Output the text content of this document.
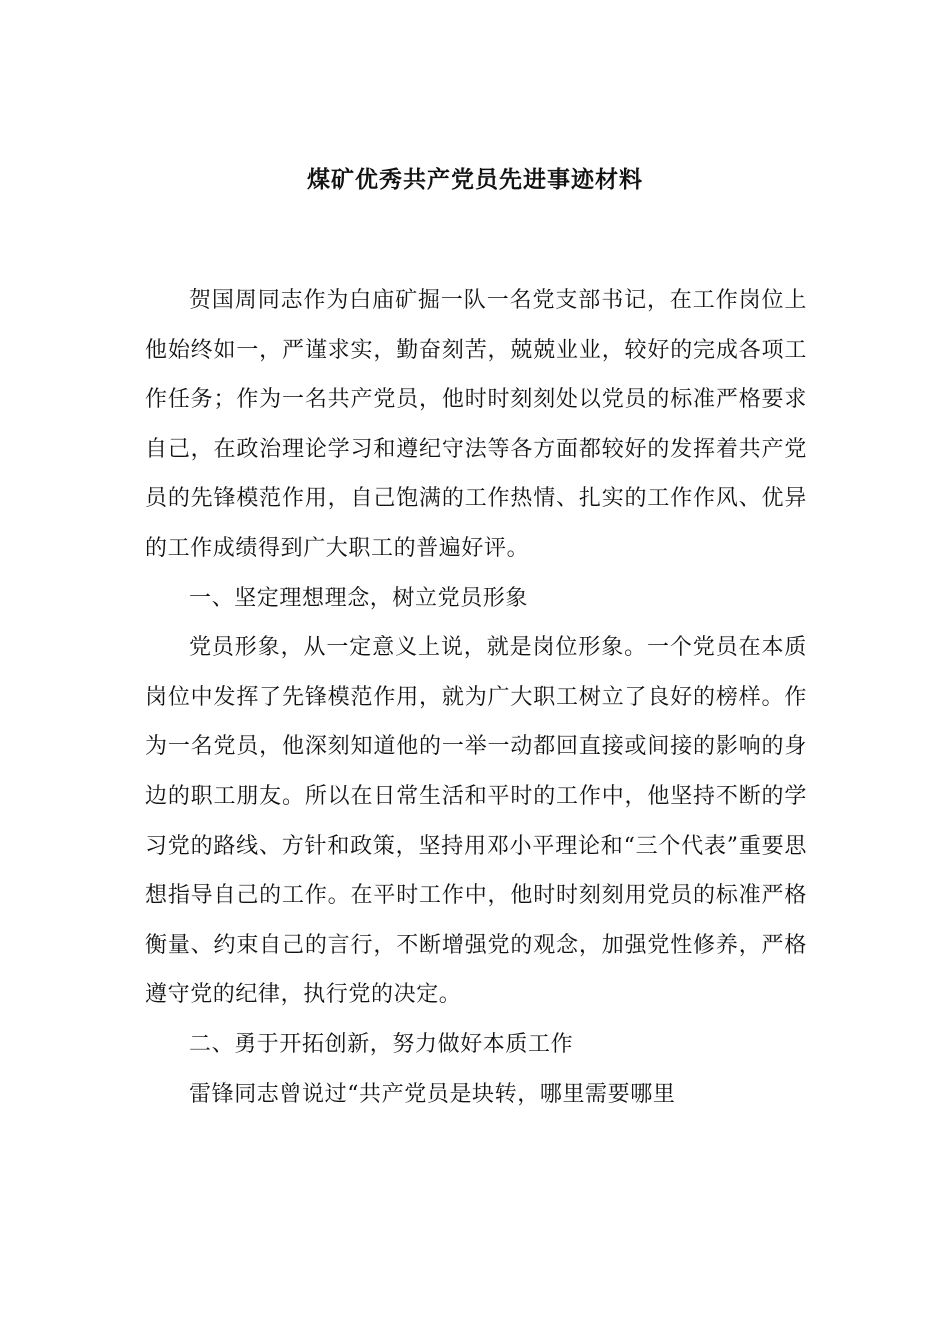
煤矿优秀共产党员先进事迹材料

贺国周同志作为白庙矿掘一队一名党支部书记，在工作岗位上他始终如一，严谨求实，勤奋刻苦，兢兢业业，较好的完成各项工作任务；作为一名共产党员，他时时刻刻处以党员的标准严格要求自己，在政治理论学习和遵纪守法等各方面都较好的发挥着共产党员的先锋模范作用，自己饱满的工作热情、扎实的工作作风、优异的工作成绩得到广大职工的普遍好评。

一、坚定理想理念，树立党员形象

党员形象，从一定意义上说，就是岗位形象。一个党员在本质岗位中发挥了先锋模范作用，就为广大职工树立了良好的榜样。作为一名党员，他深刻知道他的一举一动都回直接或间接的影响的身边的职工朋友。所以在日常生活和平时的工作中，他坚持不断的学习党的路线、方针和政策，坚持用邓小平理论和“三个代表”重要思想指导自己的工作。在平时工作中，他时时刻刻用党员的标准严格衡量、约束自己的言行，不断增强党的观念，加强党性修养，严格遵守党的纪律，执行党的决定。

二、勇于开拓创新，努力做好本质工作

雷锋同志曾说过“共产党员是块转，哪里需要哪里
